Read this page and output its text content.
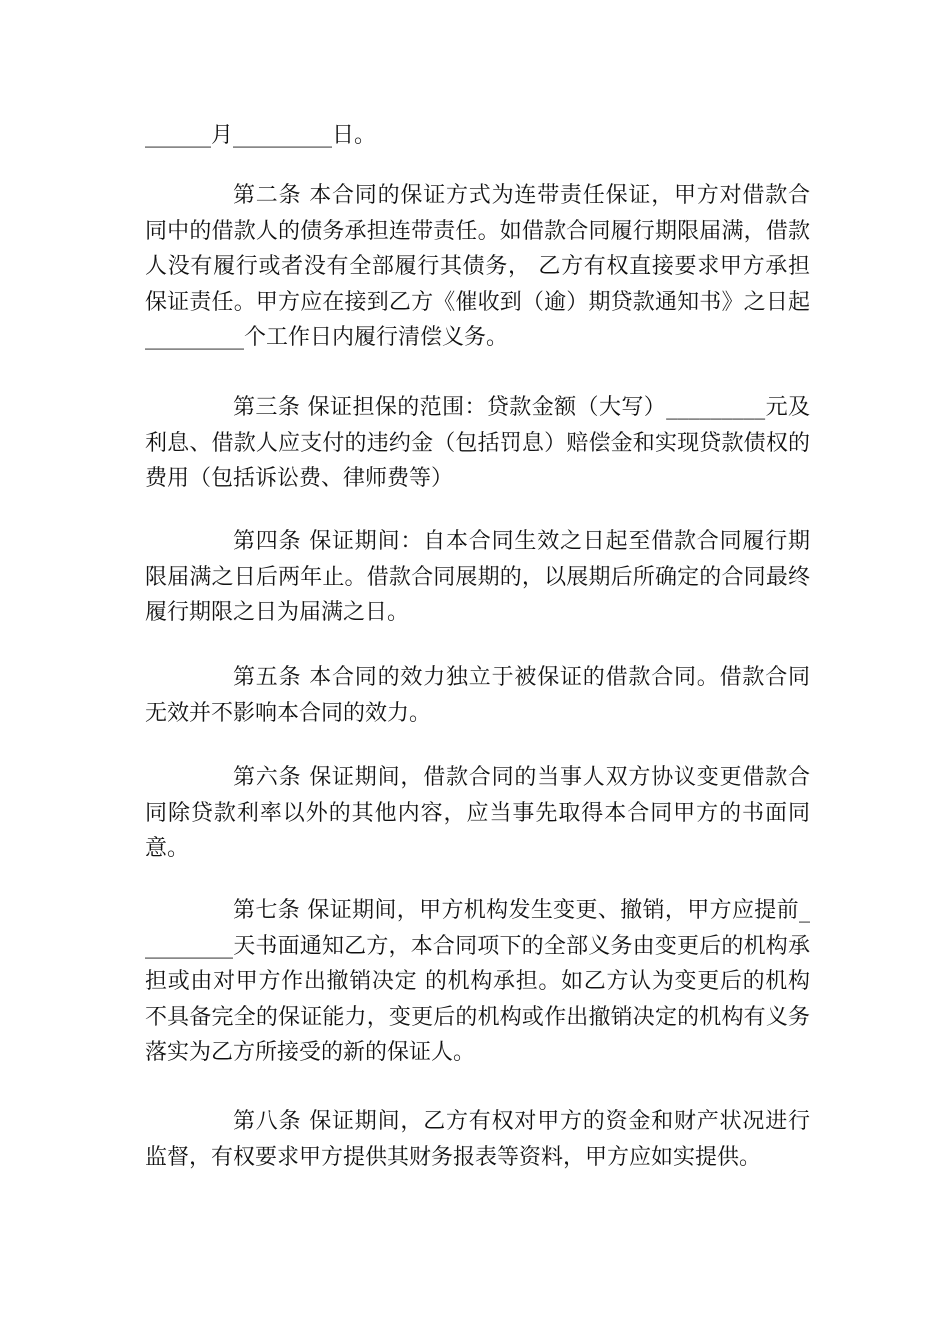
______月_________日。

第二条 本合同的保证方式为连带责任保证，甲方对借款合同中的借款人的债务承担连带责任。如借款合同履行期限届满，借款人没有履行或者没有全部履行其债务， 乙方有权直接要求甲方承担保证责任。甲方应在接到乙方《催收到（逾）期贷款通知书》之日起_________个工作日内履行清偿义务。

第三条 保证担保的范围：贷款金额（大写）_________元及利息、借款人应支付的违约金（包括罚息）赔偿金和实现贷款债权的费用（包括诉讼费、律师费等）

第四条 保证期间：自本合同生效之日起至借款合同履行期限届满之日后两年止。借款合同展期的，以展期后所确定的合同最终履行期限之日为届满之日。

第五条 本合同的效力独立于被保证的借款合同。借款合同无效并不影响本合同的效力。

第六条 保证期间，借款合同的当事人双方协议变更借款合同除贷款利率以外的其他内容，应当事先取得本合同甲方的书面同意。

第七条 保证期间，甲方机构发生变更、撤销，甲方应提前_________天书面通知乙方，本合同项下的全部义务由变更后的机构承担或由对甲方作出撤销决定 的机构承担。如乙方认为变更后的机构不具备完全的保证能力，变更后的机构或作出撤销决定的机构有义务落实为乙方所接受的新的保证人。

第八条 保证期间，乙方有权对甲方的资金和财产状况进行监督，有权要求甲方提供其财务报表等资料，甲方应如实提供。
